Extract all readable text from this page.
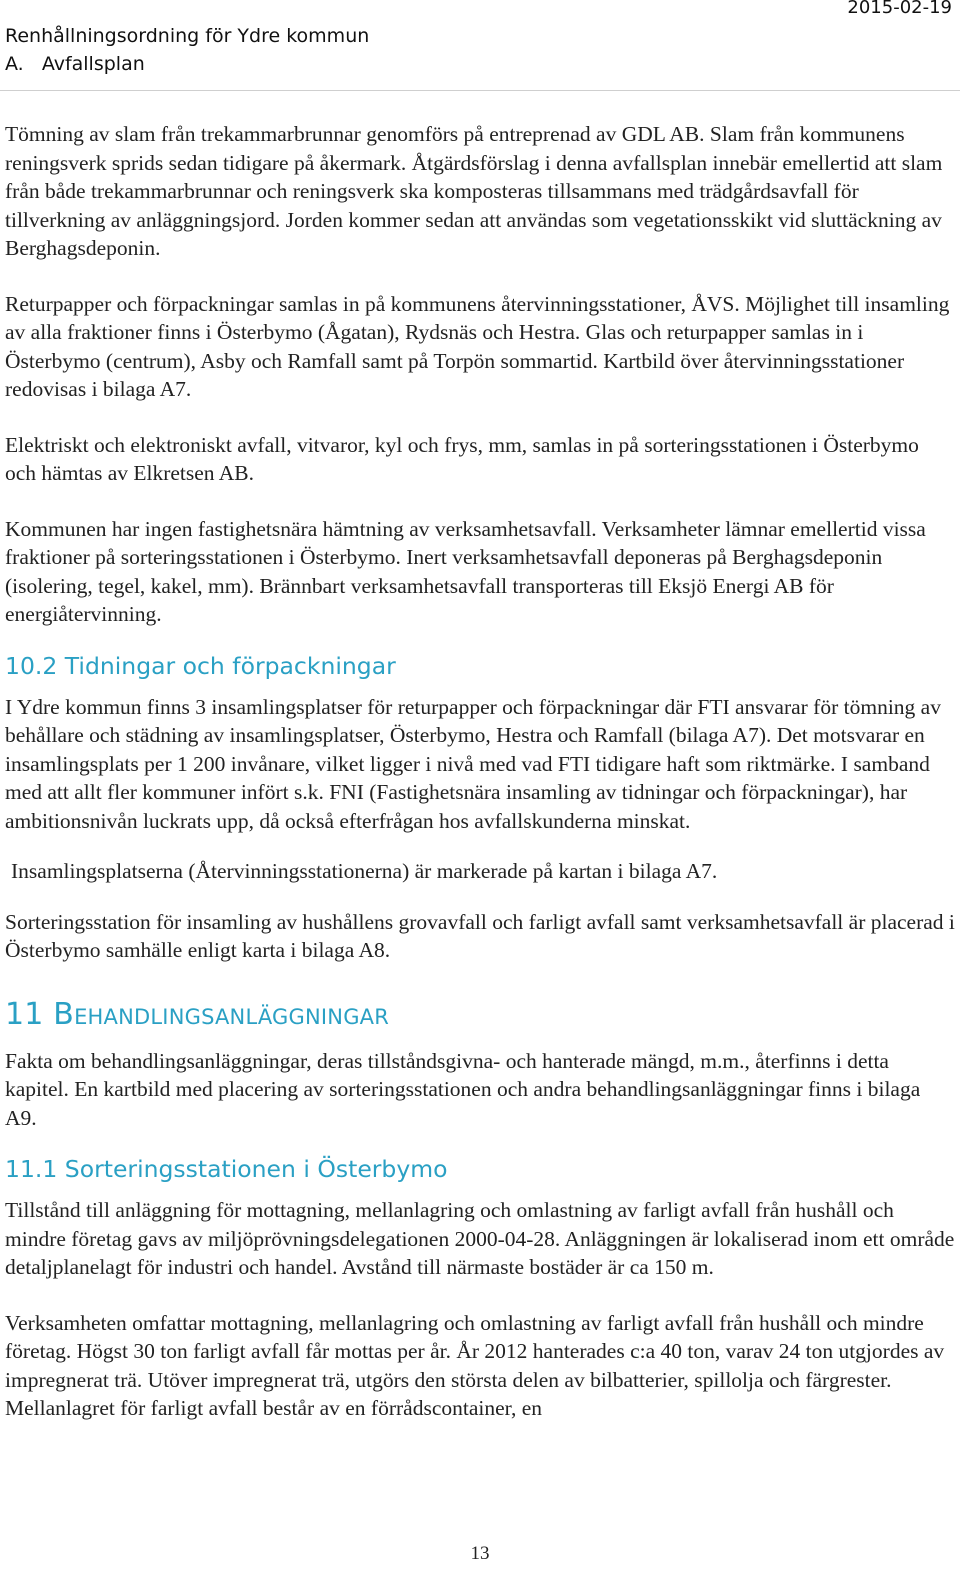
Renhållningsordning för Ydre kommun
A.   Avfallsplan
2015-02-19

Tömning av slam från trekammarbrunnar genomförs på entreprenad av GDL AB. Slam från kommunens reningsverk sprids sedan tidigare på åkermark. Åtgärdsförslag i denna avfallsplan innebär emellertid att slam från både trekammarbrunnar och reningsverk ska komposteras tillsammans med trädgårdsavfall för tillverkning av anläggningsjord. Jorden kommer sedan att användas som vegetationsskikt vid sluttäckning av Berghagsdeponin.

Returpapper och förpackningar samlas in på kommunens återvinningsstationer, ÅVS. Möjlighet till insamling av alla fraktioner finns i Österbymo (Ågatan), Rydsnäs och Hestra. Glas och returpapper samlas in i Österbymo (centrum), Asby och Ramfall samt på Torpön sommartid. Kartbild över återvinningsstationer redovisas i bilaga A7.

Elektriskt och elektroniskt avfall, vitvaror, kyl och frys, mm, samlas in på sorteringsstationen i Österbymo och hämtas av Elkretsen AB.

Kommunen har ingen fastighetsnära hämtning av verksamhetsavfall. Verksamheter lämnar emellertid vissa fraktioner på sorteringsstationen i Österbymo. Inert verksamhetsavfall deponeras på Berghagsdeponin (isolering, tegel, kakel, mm). Brännbart verksamhetsavfall transporteras till Eksjö Energi AB för energiåtervinning.

10.2 Tidningar och förpackningar

I Ydre kommun finns 3 insamlingsplatser för returpapper och förpackningar där FTI ansvarar för tömning av behållare och städning av insamlingsplatser, Österbymo, Hestra och Ramfall (bilaga A7). Det motsvarar en insamlingsplats per 1 200 invånare, vilket ligger i nivå med vad FTI tidigare haft som riktmärke. I samband med att allt fler kommuner infört s.k. FNI (Fastighetsnära insamling av tidningar och förpackningar), har ambitionsnivån luckrats upp, då också efterfrågan hos avfallskunderna minskat.

Insamlingsplatserna (Återvinningsstationerna) är markerade på kartan i bilaga A7.

Sorteringsstation för insamling av hushållens grovavfall och farligt avfall samt verksamhetsavfall är placerad i Österbymo samhälle enligt karta i bilaga A8.

11 Behandlingsanläggningar

Fakta om behandlingsanläggningar, deras tillståndsgivna- och hanterade mängd, m.m., återfinns i detta kapitel. En kartbild med placering av sorteringsstationen och andra behandlingsanläggningar finns i bilaga A9.

11.1 Sorteringsstationen i Österbymo

Tillstånd till anläggning för mottagning, mellanlagring och omlastning av farligt avfall från hushåll och mindre företag gavs av miljöprövningsdelegationen 2000-04-28. Anläggningen är lokaliserad inom ett område detaljplanelagt för industri och handel. Avstånd till närmaste bostäder är ca 150 m.

Verksamheten omfattar mottagning, mellanlagring och omlastning av farligt avfall från hushåll och mindre företag. Högst 30 ton farligt avfall får mottas per år. År 2012 hanterades c:a 40 ton, varav 24 ton utgjordes av impregnerat trä. Utöver impregnerat trä, utgörs den största delen av bilbatterier, spillolja och färgrester. Mellanlagret för farligt avfall består av en förrådscontainer, en

13
